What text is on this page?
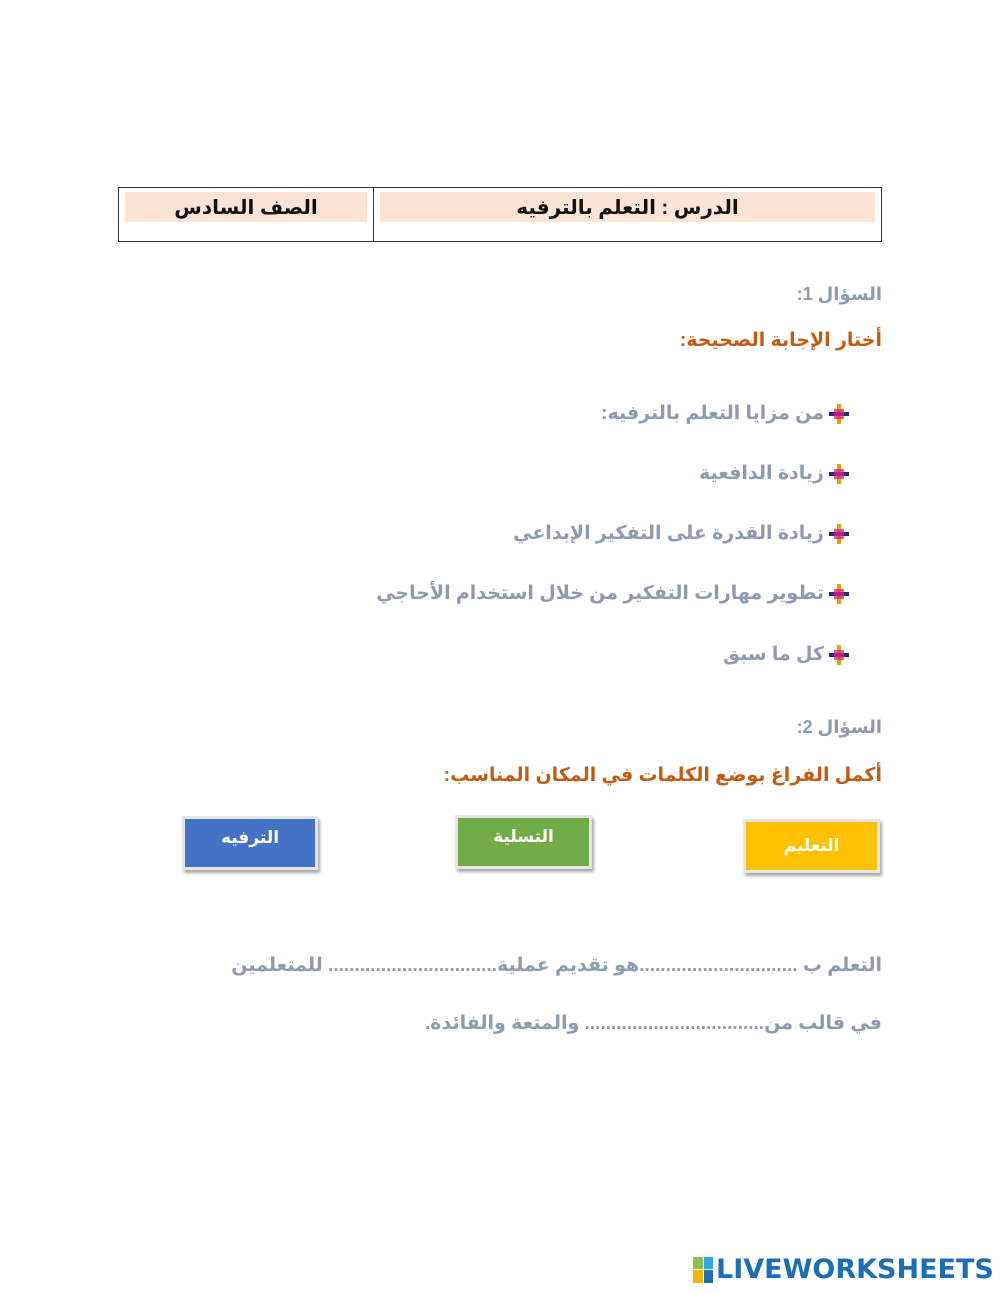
الصف السادس	الدرس : التعلم بالترفيه
السؤال 1:
أختار الإجابة الصحيحة:
من مزايا التعلم بالترفيه:
زيادة الدافعية
زيادة القدرة على التفكير الإبداعي
تطوير مهارات التفكير من خلال استخدام الأحاجي
كل ما سبق
السؤال 2:
أكمل الفراغ بوضع الكلمات في المكان المناسب:
الترفيه	التسلية	التعليم
التعلم ب ..............................هو تقديم عملية................................ للمتعلمين
في قالب من.................................. والمتعة والفائدة.
LIVEWORKSHEETS
